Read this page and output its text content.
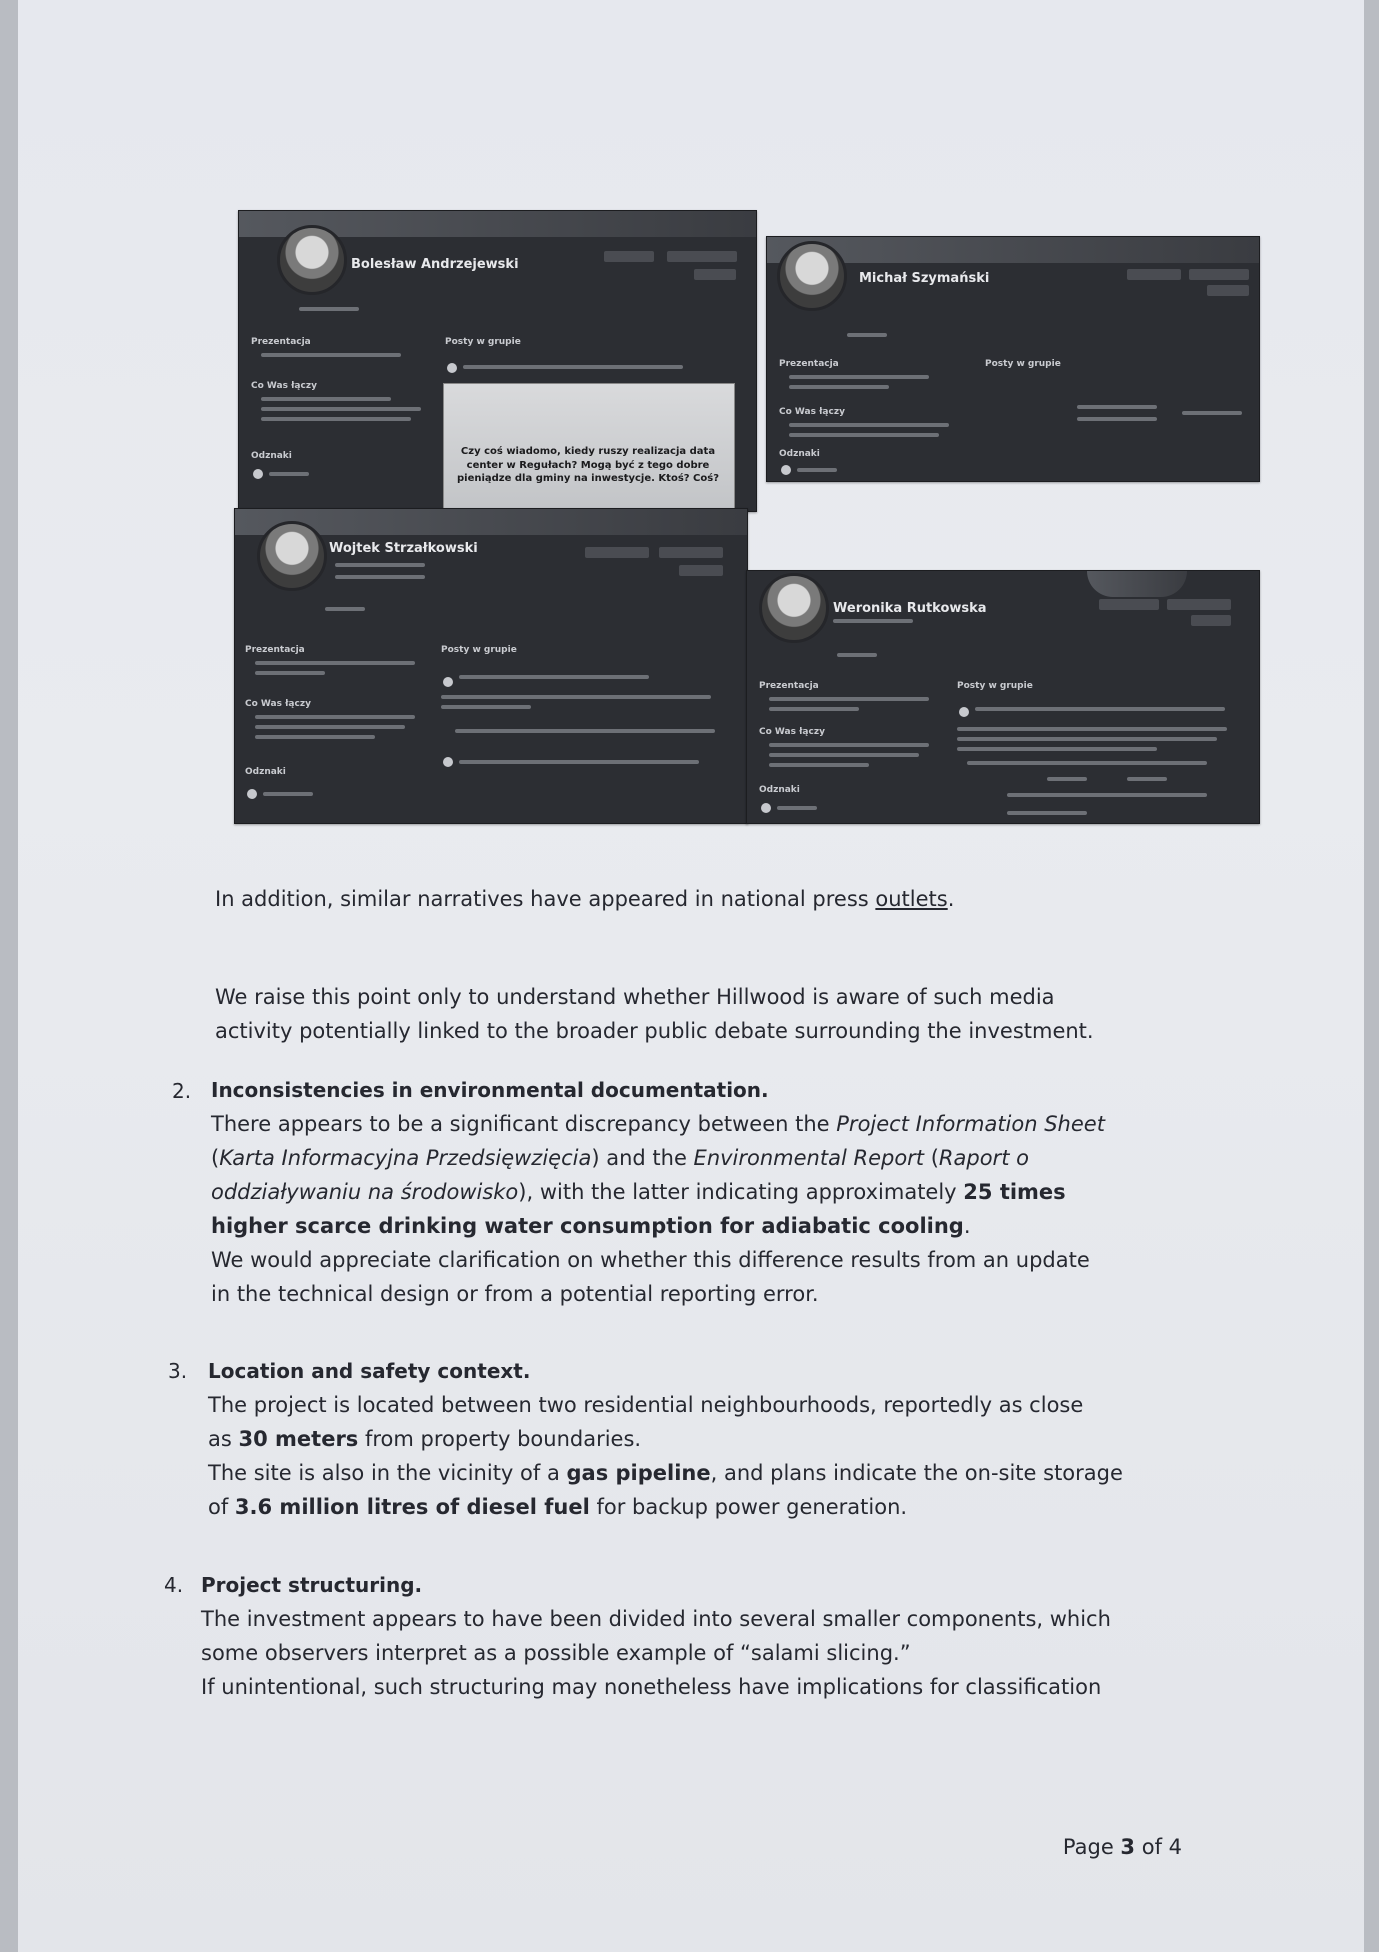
Bolesław Andrzejewski
Prezentacja
Co Was łączy
Odznaki
Posty w grupie
Czy coś wiadomo, kiedy ruszy realizacja data center w Regułach? Mogą być z tego dobre pieniądze dla gminy na inwestycje. Ktoś? Coś?
Michał Szymański
Prezentacja
Co Was łączy
Odznaki
Posty w grupie
Wojtek Strzałkowski
Prezentacja
Co Was łączy
Odznaki
Posty w grupie
Weronika Rutkowska
Prezentacja
Co Was łączy
Odznaki
Posty w grupie
In addition, similar narratives have appeared in national press outlets.
We raise this point only to understand whether Hillwood is aware of such media
activity potentially linked to the broader public debate surrounding the investment.
2. Inconsistencies in environmental documentation.
There appears to be a significant discrepancy between the Project Information Sheet
(Karta Informacyjna Przedsięwzięcia) and the Environmental Report (Raport o
oddziaływaniu na środowisko), with the latter indicating approximately 25 times
higher scarce drinking water consumption for adiabatic cooling.
We would appreciate clarification on whether this difference results from an update
in the technical design or from a potential reporting error.
3. Location and safety context.
The project is located between two residential neighbourhoods, reportedly as close
as 30 meters from property boundaries.
The site is also in the vicinity of a gas pipeline, and plans indicate the on-site storage
of 3.6 million litres of diesel fuel for backup power generation.
4. Project structuring.
The investment appears to have been divided into several smaller components, which
some observers interpret as a possible example of “salami slicing.”
If unintentional, such structuring may nonetheless have implications for classification
Page 3 of 4
